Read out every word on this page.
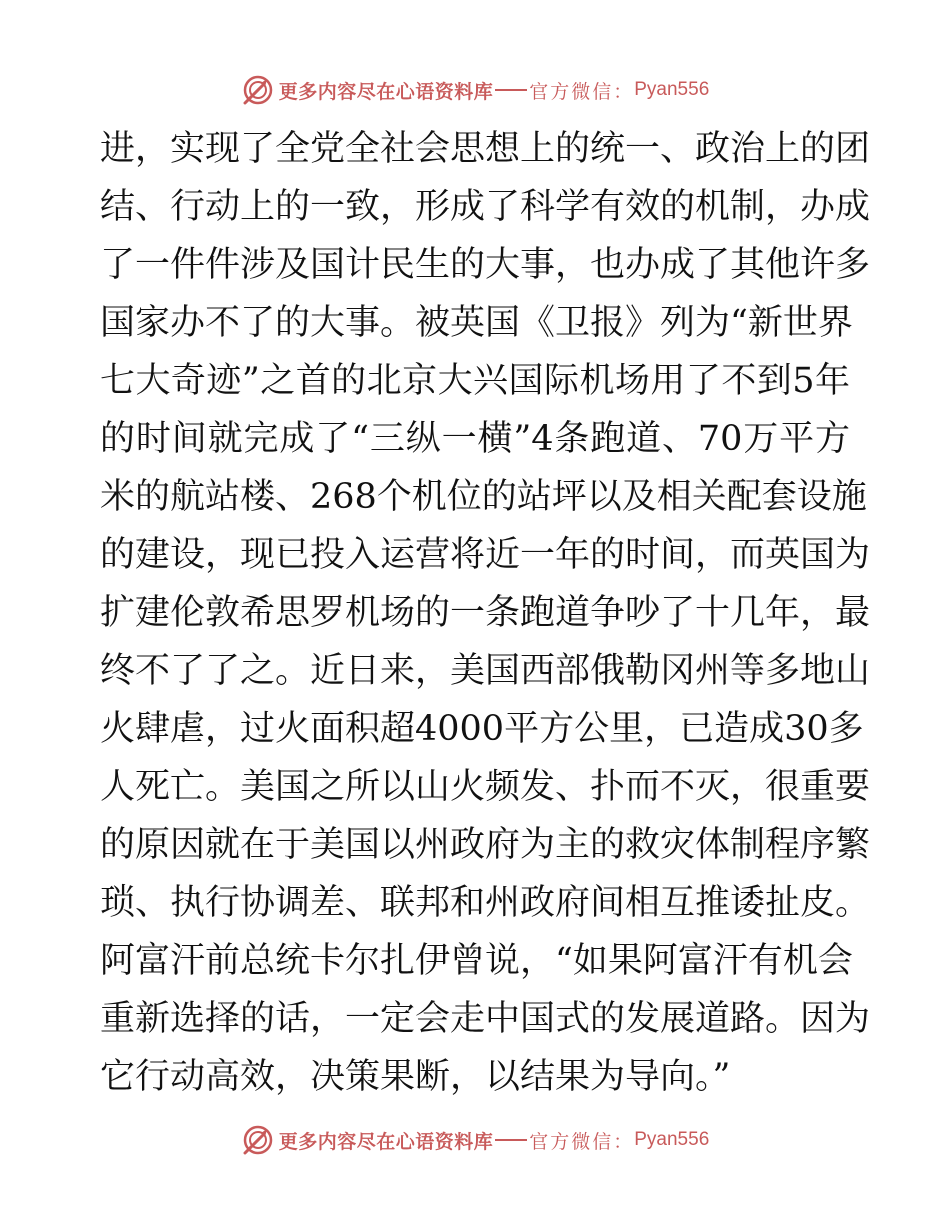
更多内容尽在心语资料库 官方微信： Pyan556
进，实现了全党全社会思想上的统一、政治上的团
结、行动上的一致，形成了科学有效的机制，办成
了一件件涉及国计民生的大事，也办成了其他许多
国家办不了的大事。被英国《卫报》列为“新世界
七大奇迹”之首的北京大兴国际机场用了不到5年
的时间就完成了“三纵一横”4条跑道、70万平方
米的航站楼、268个机位的站坪以及相关配套设施
的建设，现已投入运营将近一年的时间，而英国为
扩建伦敦希思罗机场的一条跑道争吵了十几年，最
终不了了之。近日来，美国西部俄勒冈州等多地山
火肆虐，过火面积超4000平方公里，已造成30多
人死亡。美国之所以山火频发、扑而不灭，很重要
的原因就在于美国以州政府为主的救灾体制程序繁
琐、执行协调差、联邦和州政府间相互推诿扯皮。
阿富汗前总统卡尔扎伊曾说，“如果阿富汗有机会
重新选择的话，一定会走中国式的发展道路。因为
它行动高效，决策果断，以结果为导向。”
更多内容尽在心语资料库 官方微信： Pyan556
